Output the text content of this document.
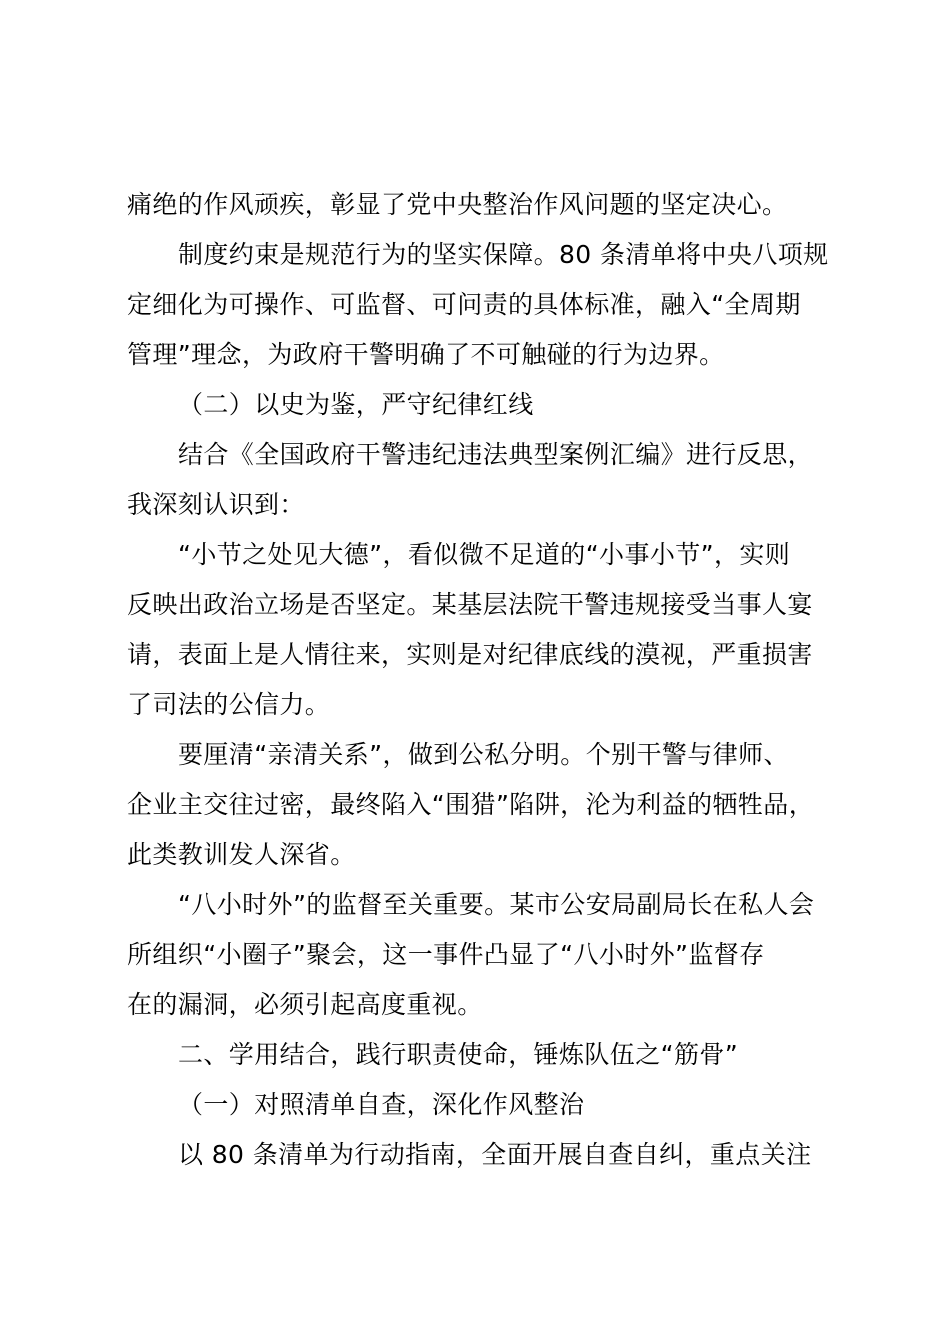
痛绝的作风顽疾，彰显了党中央整治作风问题的坚定决心。
制度约束是规范行为的坚实保障。80 条清单将中央八项规
定细化为可操作、可监督、可问责的具体标准，融入“全周期
管理”理念，为政府干警明确了不可触碰的行为边界。
（二）以史为鉴，严守纪律红线
结合《全国政府干警违纪违法典型案例汇编》进行反思，
我深刻认识到：
“小节之处见大德”，看似微不足道的“小事小节”，实则
反映出政治立场是否坚定。某基层法院干警违规接受当事人宴
请，表面上是人情往来，实则是对纪律底线的漠视，严重损害
了司法的公信力。
要厘清“亲清关系”，做到公私分明。个别干警与律师、
企业主交往过密，最终陷入“围猎”陷阱，沦为利益的牺牲品，
此类教训发人深省。
“八小时外”的监督至关重要。某市公安局副局长在私人会
所组织“小圈子”聚会，这一事件凸显了“八小时外”监督存
在的漏洞，必须引起高度重视。
二、学用结合，践行职责使命，锤炼队伍之“筋骨”
（一）对照清单自查，深化作风整治
以 80 条清单为行动指南，全面开展自查自纠，重点关注
